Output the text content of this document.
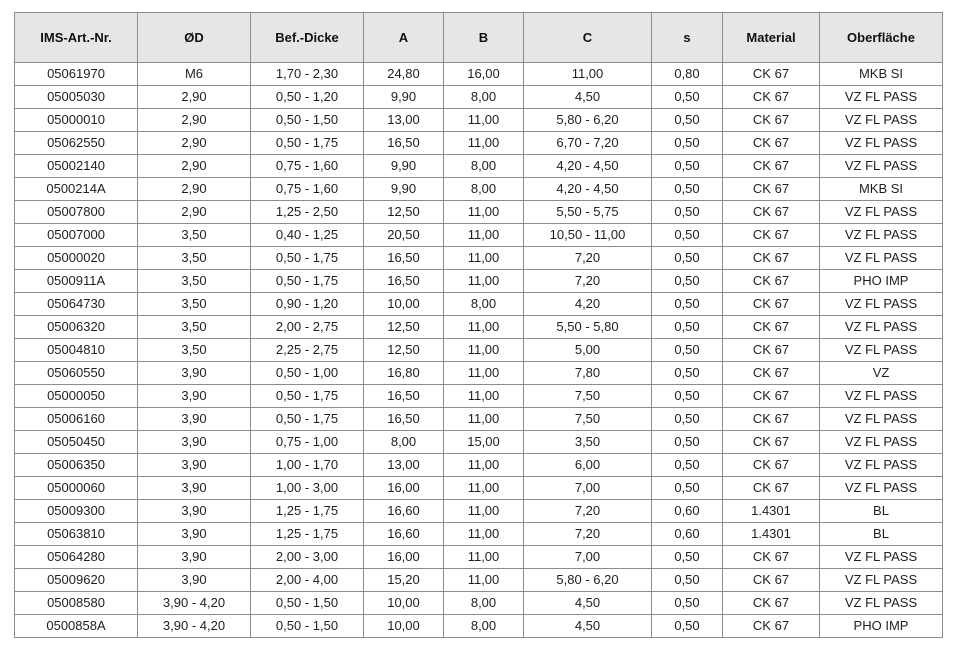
IMS-Art.-Nr.	ØD	Bef.-Dicke	A	B	C	s	Material	Oberfläche
05061970	M6	1,70 - 2,30	24,80	16,00	11,00	0,80	CK 67	MKB SI
05005030	2,90	0,50 - 1,20	9,90	8,00	4,50	0,50	CK 67	VZ FL PASS
05000010	2,90	0,50 - 1,50	13,00	11,00	5,80 - 6,20	0,50	CK 67	VZ FL PASS
05062550	2,90	0,50 - 1,75	16,50	11,00	6,70 - 7,20	0,50	CK 67	VZ FL PASS
05002140	2,90	0,75 - 1,60	9,90	8,00	4,20 - 4,50	0,50	CK 67	VZ FL PASS
0500214A	2,90	0,75 - 1,60	9,90	8,00	4,20 - 4,50	0,50	CK 67	MKB SI
05007800	2,90	1,25 - 2,50	12,50	11,00	5,50 - 5,75	0,50	CK 67	VZ FL PASS
05007000	3,50	0,40 - 1,25	20,50	11,00	10,50 - 11,00	0,50	CK 67	VZ FL PASS
05000020	3,50	0,50 - 1,75	16,50	11,00	7,20	0,50	CK 67	VZ FL PASS
0500911A	3,50	0,50 - 1,75	16,50	11,00	7,20	0,50	CK 67	PHO IMP
05064730	3,50	0,90 - 1,20	10,00	8,00	4,20	0,50	CK 67	VZ FL PASS
05006320	3,50	2,00 - 2,75	12,50	11,00	5,50 - 5,80	0,50	CK 67	VZ FL PASS
05004810	3,50	2,25 - 2,75	12,50	11,00	5,00	0,50	CK 67	VZ FL PASS
05060550	3,90	0,50 - 1,00	16,80	11,00	7,80	0,50	CK 67	VZ
05000050	3,90	0,50 - 1,75	16,50	11,00	7,50	0,50	CK 67	VZ FL PASS
05006160	3,90	0,50 - 1,75	16,50	11,00	7,50	0,50	CK 67	VZ FL PASS
05050450	3,90	0,75 - 1,00	8,00	15,00	3,50	0,50	CK 67	VZ FL PASS
05006350	3,90	1,00 - 1,70	13,00	11,00	6,00	0,50	CK 67	VZ FL PASS
05000060	3,90	1,00 - 3,00	16,00	11,00	7,00	0,50	CK 67	VZ FL PASS
05009300	3,90	1,25 - 1,75	16,60	11,00	7,20	0,60	1.4301	BL
05063810	3,90	1,25 - 1,75	16,60	11,00	7,20	0,60	1.4301	BL
05064280	3,90	2,00 - 3,00	16,00	11,00	7,00	0,50	CK 67	VZ FL PASS
05009620	3,90	2,00 - 4,00	15,20	11,00	5,80 - 6,20	0,50	CK 67	VZ FL PASS
05008580	3,90 - 4,20	0,50 - 1,50	10,00	8,00	4,50	0,50	CK 67	VZ FL PASS
0500858A	3,90 - 4,20	0,50 - 1,50	10,00	8,00	4,50	0,50	CK 67	PHO IMP
